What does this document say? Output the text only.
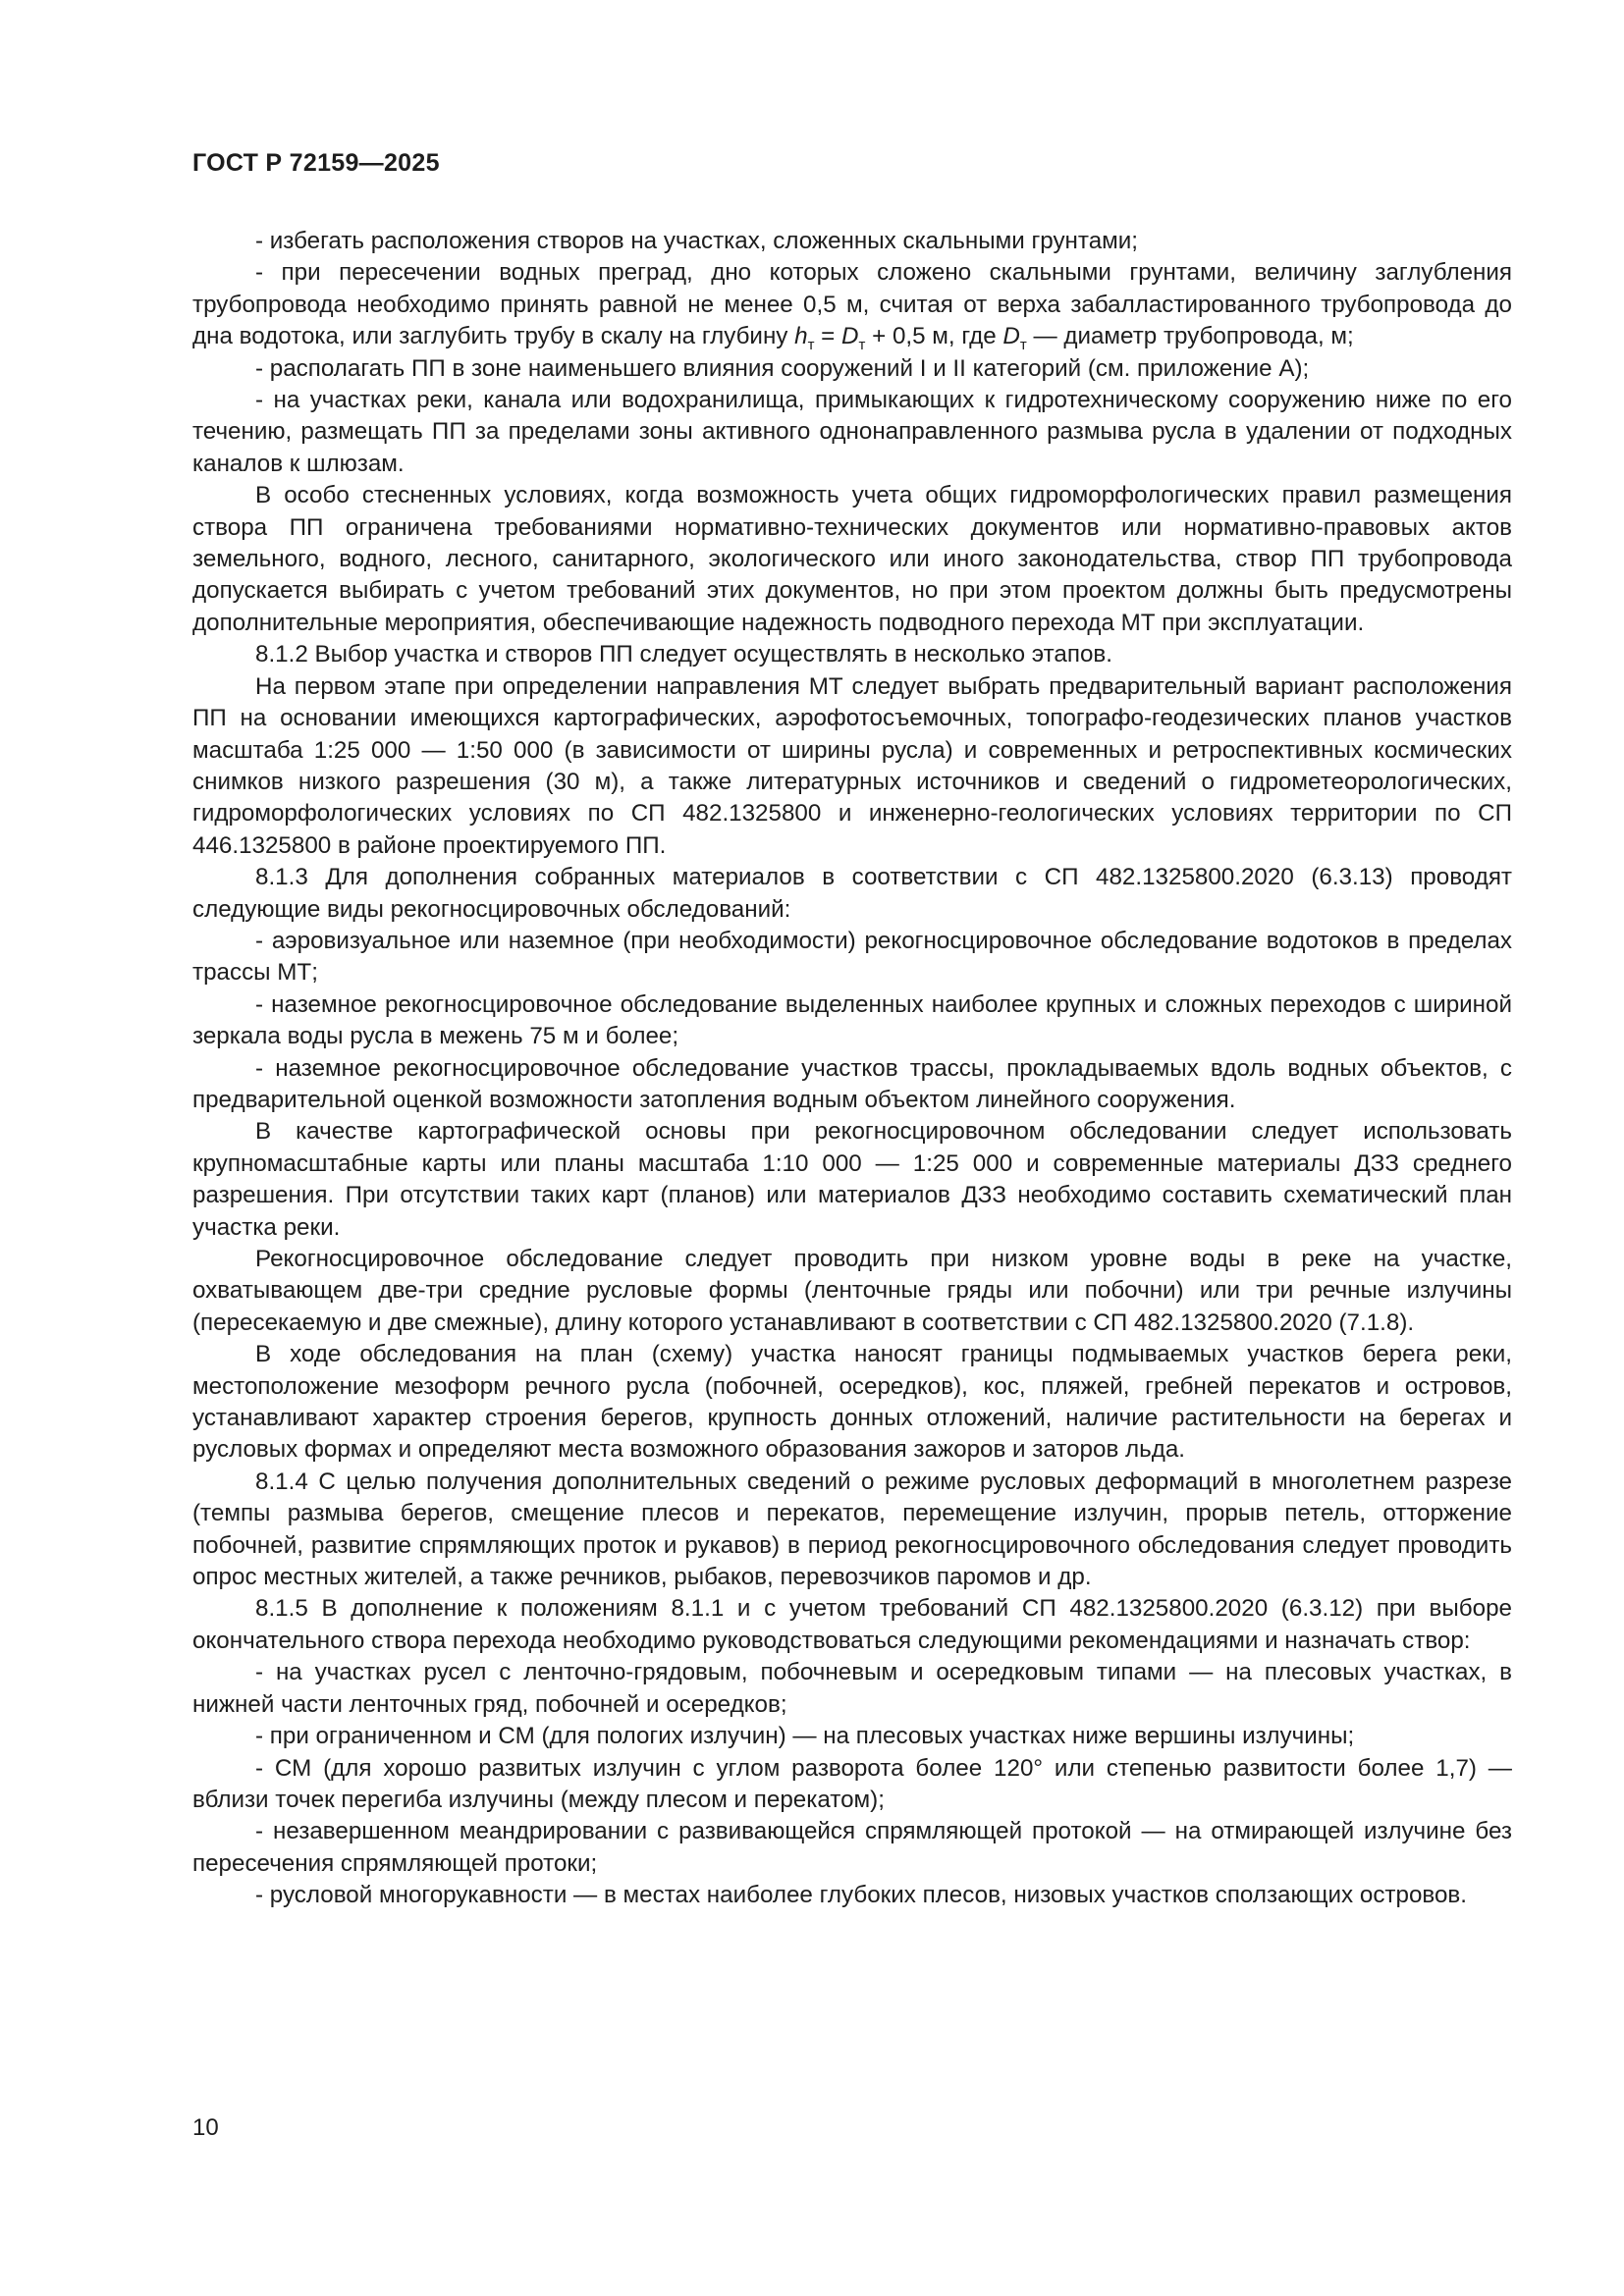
ГОСТ Р 72159—2025

- избегать расположения створов на участках, сложенных скальными грунтами;

- при пересечении водных преград, дно которых сложено скальными грунтами, величину заглубления трубопровода необходимо принять равной не менее 0,5 м, считая от верха забалластированного трубопровода до дна водотока, или заглубить трубу в скалу на глубину $h_т = D_т + 0,5$ м, где $D_т$ — диаметр трубопровода, м;

- располагать ПП в зоне наименьшего влияния сооружений I и II категорий (см. приложение А);

- на участках реки, канала или водохранилища, примыкающих к гидротехническому сооружению ниже по его течению, размещать ПП за пределами зоны активного однонаправленного размыва русла в удалении от подходных каналов к шлюзам.

В особо стесненных условиях, когда возможность учета общих гидроморфологических правил размещения створа ПП ограничена требованиями нормативно-технических документов или нормативно-правовых актов земельного, водного, лесного, санитарного, экологического или иного законодательства, створ ПП трубопровода допускается выбирать с учетом требований этих документов, но при этом проектом должны быть предусмотрены дополнительные мероприятия, обеспечивающие надежность подводного перехода МТ при эксплуатации.

8.1.2 Выбор участка и створов ПП следует осуществлять в несколько этапов.

На первом этапе при определении направления МТ следует выбрать предварительный вариант расположения ПП на основании имеющихся картографических, аэрофотосъемочных, топографо-геодезических планов участков масштаба 1:25 000 — 1:50 000 (в зависимости от ширины русла) и современных и ретроспективных космических снимков низкого разрешения (30 м), а также литературных источников и сведений о гидрометеорологических, гидроморфологических условиях по СП 482.1325800 и инженерно-геологических условиях территории по СП 446.1325800 в районе проектируемого ПП.

8.1.3 Для дополнения собранных материалов в соответствии с СП 482.1325800.2020 (6.3.13) проводят следующие виды рекогносцировочных обследований:

- аэровизуальное или наземное (при необходимости) рекогносцировочное обследование водотоков в пределах трассы МТ;

- наземное рекогносцировочное обследование выделенных наиболее крупных и сложных переходов с шириной зеркала воды русла в межень 75 м и более;

- наземное рекогносцировочное обследование участков трассы, прокладываемых вдоль водных объектов, с предварительной оценкой возможности затопления водным объектом линейного сооружения.

В качестве картографической основы при рекогносцировочном обследовании следует использовать крупномасштабные карты или планы масштаба 1:10 000 — 1:25 000 и современные материалы ДЗЗ среднего разрешения. При отсутствии таких карт (планов) или материалов ДЗЗ необходимо составить схематический план участка реки.

Рекогносцировочное обследование следует проводить при низком уровне воды в реке на участке, охватывающем две-три средние русловые формы (ленточные гряды или побочни) или три речные излучины (пересекаемую и две смежные), длину которого устанавливают в соответствии с СП 482.1325800.2020 (7.1.8).

В ходе обследования на план (схему) участка наносят границы подмываемых участков берега реки, местоположение мезоформ речного русла (побочней, осередков), кос, пляжей, гребней перекатов и островов, устанавливают характер строения берегов, крупность донных отложений, наличие растительности на берегах и русловых формах и определяют места возможного образования зажоров и заторов льда.

8.1.4 С целью получения дополнительных сведений о режиме русловых деформаций в многолетнем разрезе (темпы размыва берегов, смещение плесов и перекатов, перемещение излучин, прорыв петель, отторжение побочней, развитие спрямляющих проток и рукавов) в период рекогносцировочного обследования следует проводить опрос местных жителей, а также речников, рыбаков, перевозчиков паромов и др.

8.1.5 В дополнение к положениям 8.1.1 и с учетом требований СП 482.1325800.2020 (6.3.12) при выборе окончательного створа перехода необходимо руководствоваться следующими рекомендациями и назначать створ:

- на участках русел с ленточно-грядовым, побочневым и осередковым типами — на плесовых участках, в нижней части ленточных гряд, побочней и осередков;

- при ограниченном и СМ (для пологих излучин) — на плесовых участках ниже вершины излучины;

- СМ (для хорошо развитых излучин с углом разворота более 120° или степенью развитости более 1,7) — вблизи точек перегиба излучины (между плесом и перекатом);

- незавершенном меандрировании с развивающейся спрямляющей протокой — на отмирающей излучине без пересечения спрямляющей протоки;

- русловой многорукавности — в местах наиболее глубоких плесов, низовых участков сползающих островов.

10
